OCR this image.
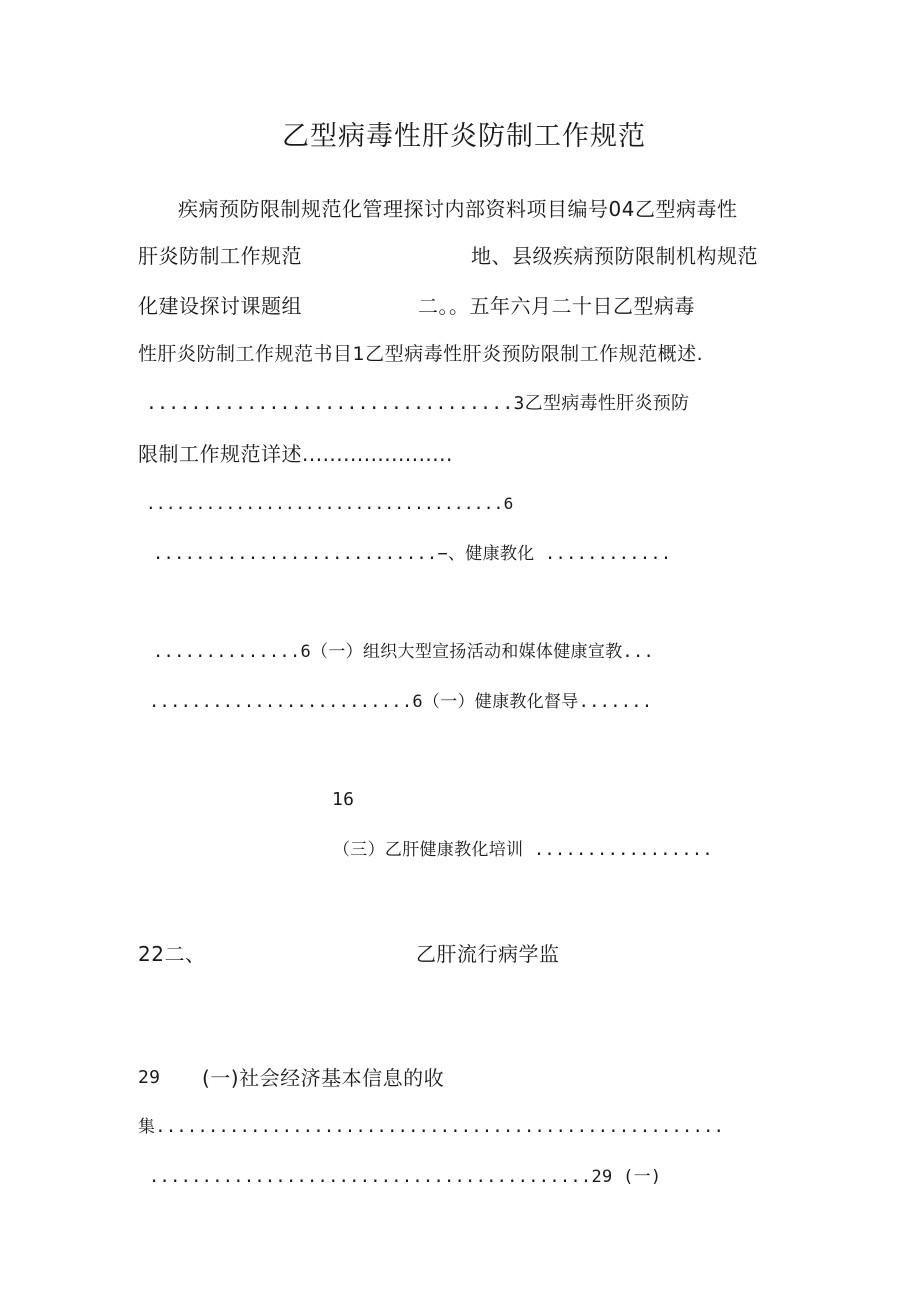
乙型病毒性肝炎防制工作规范
疾病预防限制规范化管理探讨内部资料项目编号04乙型病毒性
肝炎防制工作规范	地、县级疾病预防限制机构规范
化建设探讨课题组	二。。五年六月二十日乙型病毒
性肝炎防制工作规范书目1乙型病毒性肝炎预防限制工作规范概述.
.................................3乙型病毒性肝炎预防
限制工作规范详述......................
....................................6
...........................−、健康教化 ............
..............6（一）组织大型宣扬活动和媒体健康宣教...
.........................6（一）健康教化督导.......
16
（三）乙肝健康教化培训 .................
22二、	乙肝流行病学监
29 (一)社会经济基本信息的收
集......................................................
..........................................29 (一)
